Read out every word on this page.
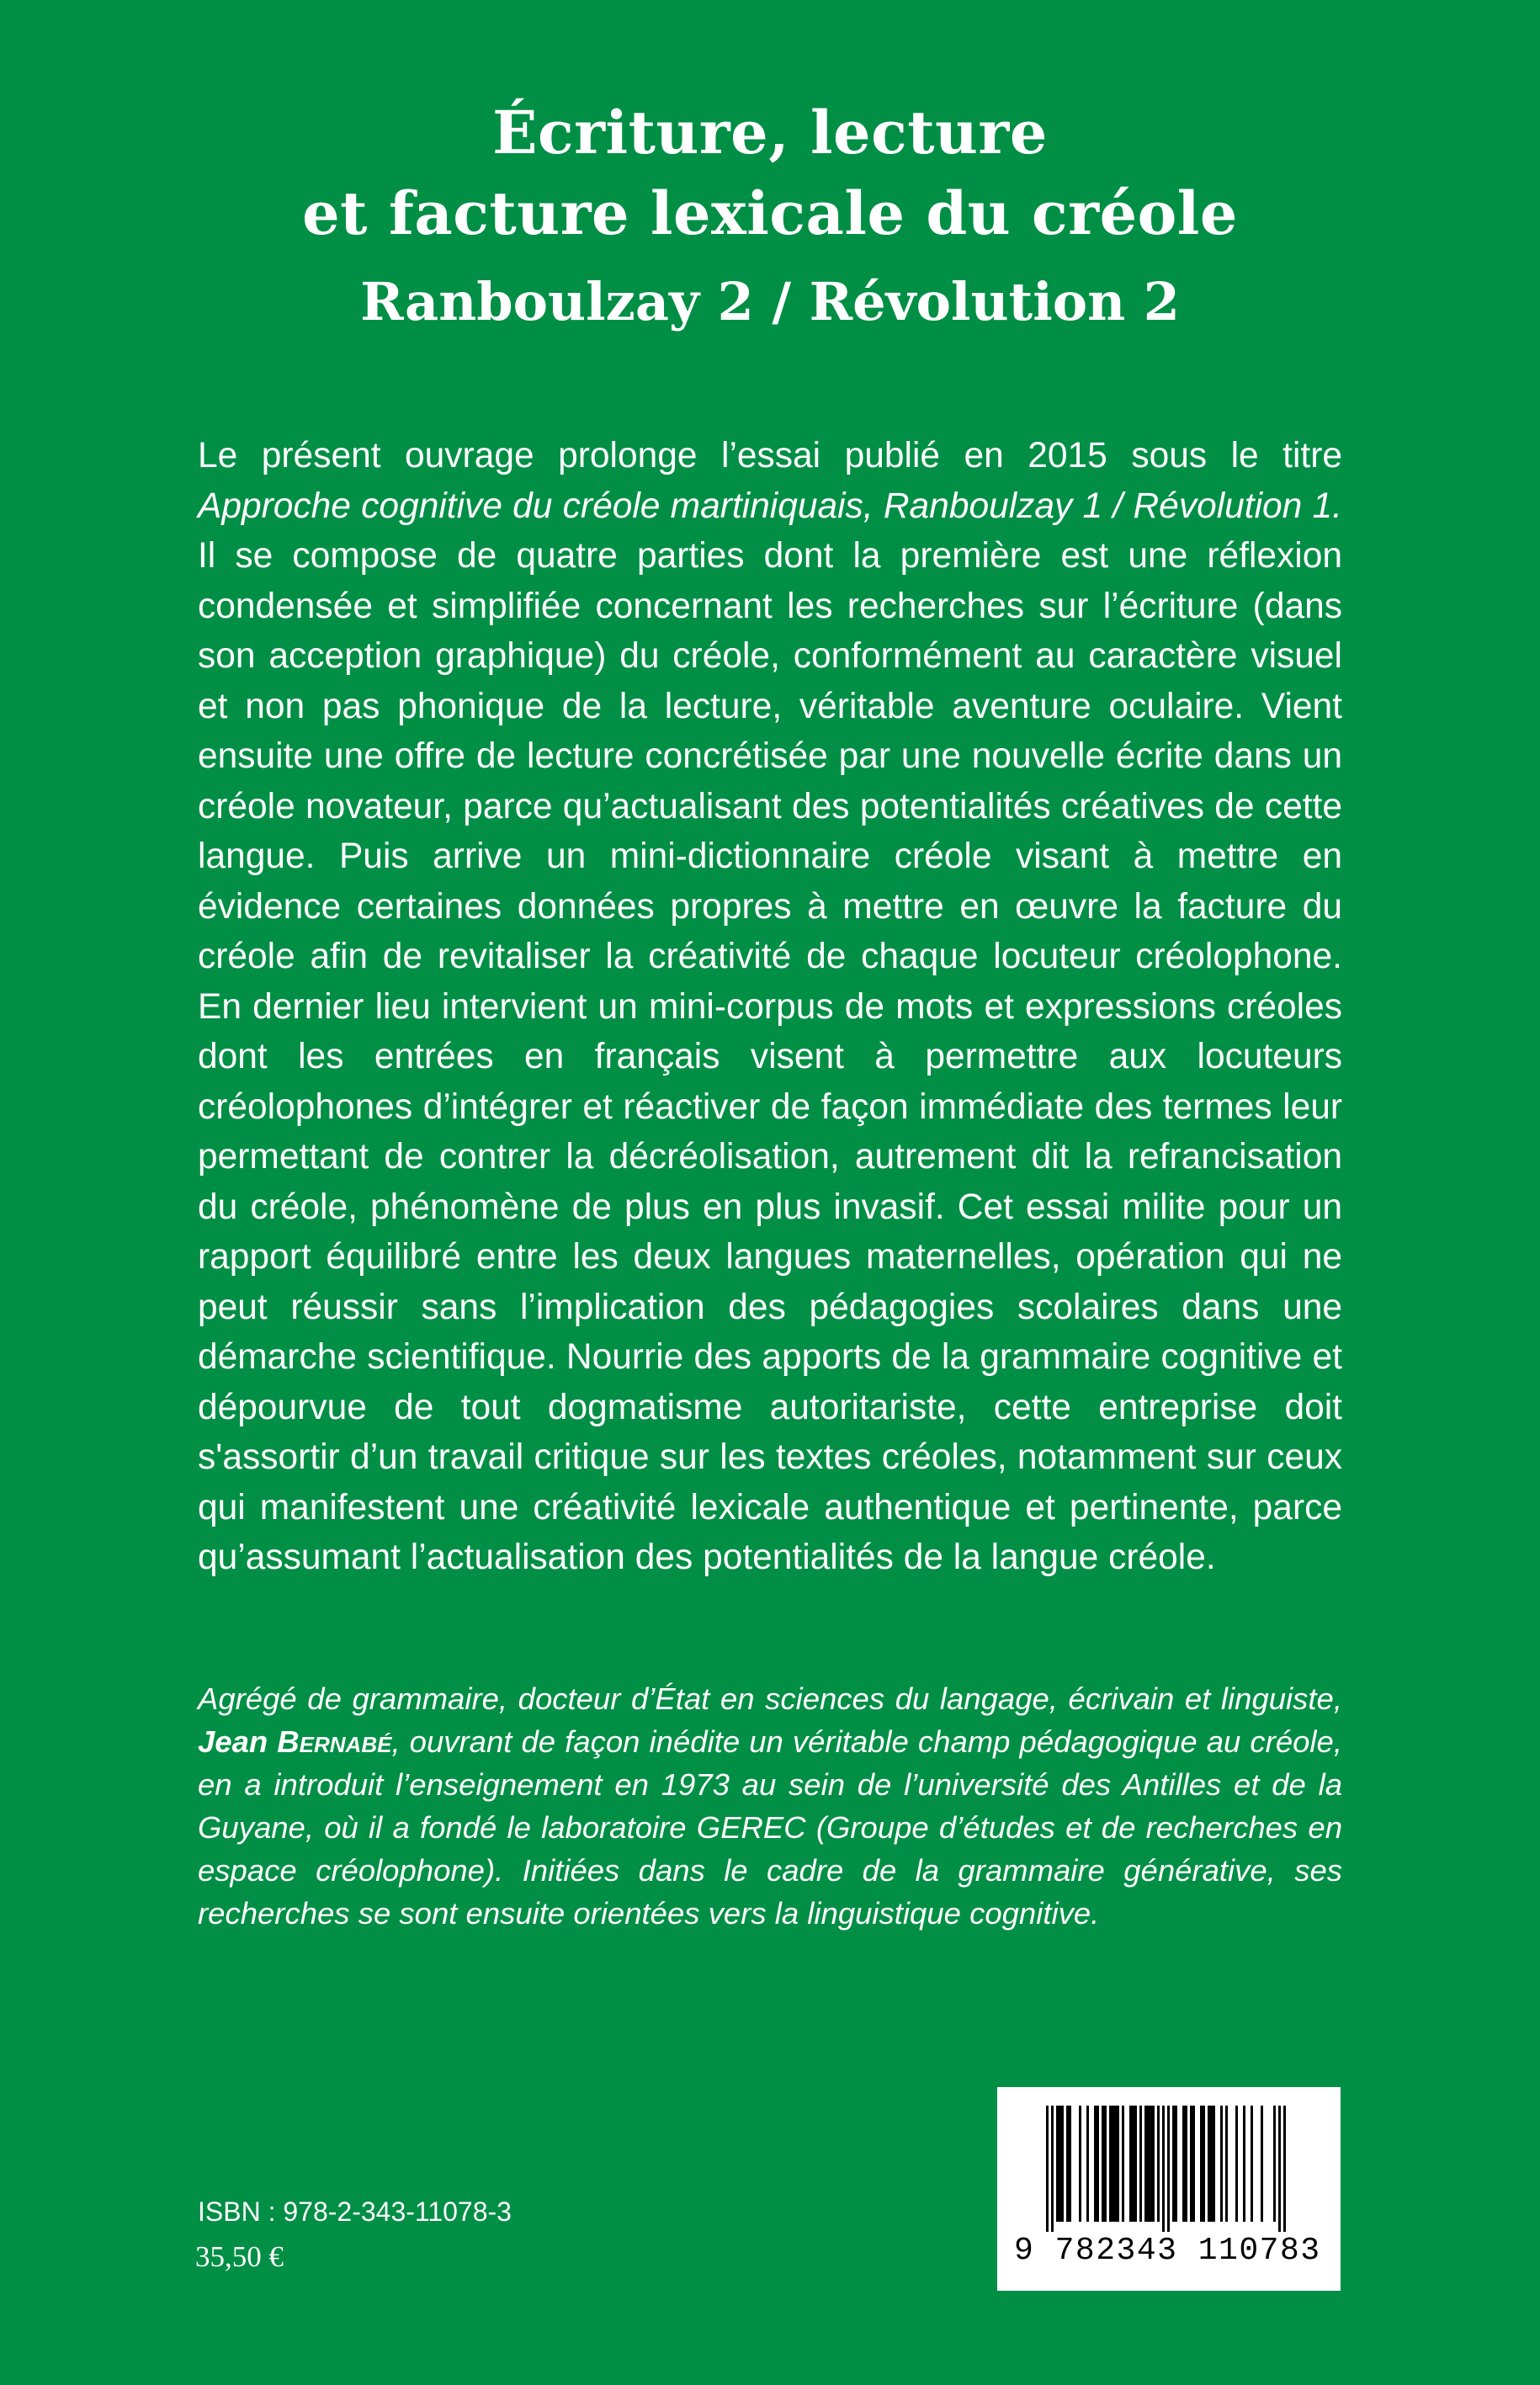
Écriture, lecture
et facture lexicale du créole
Ranboulzay 2 / Révolution 2

Le présent ouvrage prolonge l’essai publié en 2015 sous le titre Approche cognitive du créole martiniquais, Ranboulzay 1 / Révolution 1. Il se compose de quatre parties dont la première est une réflexion condensée et simplifiée concernant les recherches sur l’écriture (dans son acception graphique) du créole, conformément au caractère visuel et non pas phonique de la lecture, véritable aventure oculaire. Vient ensuite une offre de lecture concrétisée par une nouvelle écrite dans un créole novateur, parce qu’actualisant des potentialités créatives de cette langue. Puis arrive un mini-dictionnaire créole visant à mettre en évidence certaines données propres à mettre en œuvre la facture du créole afin de revitaliser la créativité de chaque locuteur créolophone. En dernier lieu intervient un mini-corpus de mots et expressions créoles dont les entrées en français visent à permettre aux locuteurs créolophones d’intégrer et réactiver de façon immédiate des termes leur permettant de contrer la décréolisation, autrement dit la refrancisation du créole, phénomène de plus en plus invasif. Cet essai milite pour un rapport équilibré entre les deux langues maternelles, opération qui ne peut réussir sans l’implication des pédagogies scolaires dans une démarche scientifique. Nourrie des apports de la grammaire cognitive et dépourvue de tout dogmatisme autoritariste, cette entreprise doit s'assortir d’un travail critique sur les textes créoles, notamment sur ceux qui manifestent une créativité lexicale authentique et pertinente, parce qu’assumant l’actualisation des potentialités de la langue créole.

Agrégé de grammaire, docteur d’État en sciences du langage, écrivain et linguiste, Jean Bernabé, ouvrant de façon inédite un véritable champ pédagogique au créole, en a introduit l’enseignement en 1973 au sein de l’université des Antilles et de la Guyane, où il a fondé le laboratoire GEREC (Groupe d’études et de recherches en espace créolophone). Initiées dans le cadre de la grammaire générative, ses recherches se sont ensuite orientées vers la linguistique cognitive.

ISBN : 978-2-343-11078-3
35,50 €	9 782343 110783
